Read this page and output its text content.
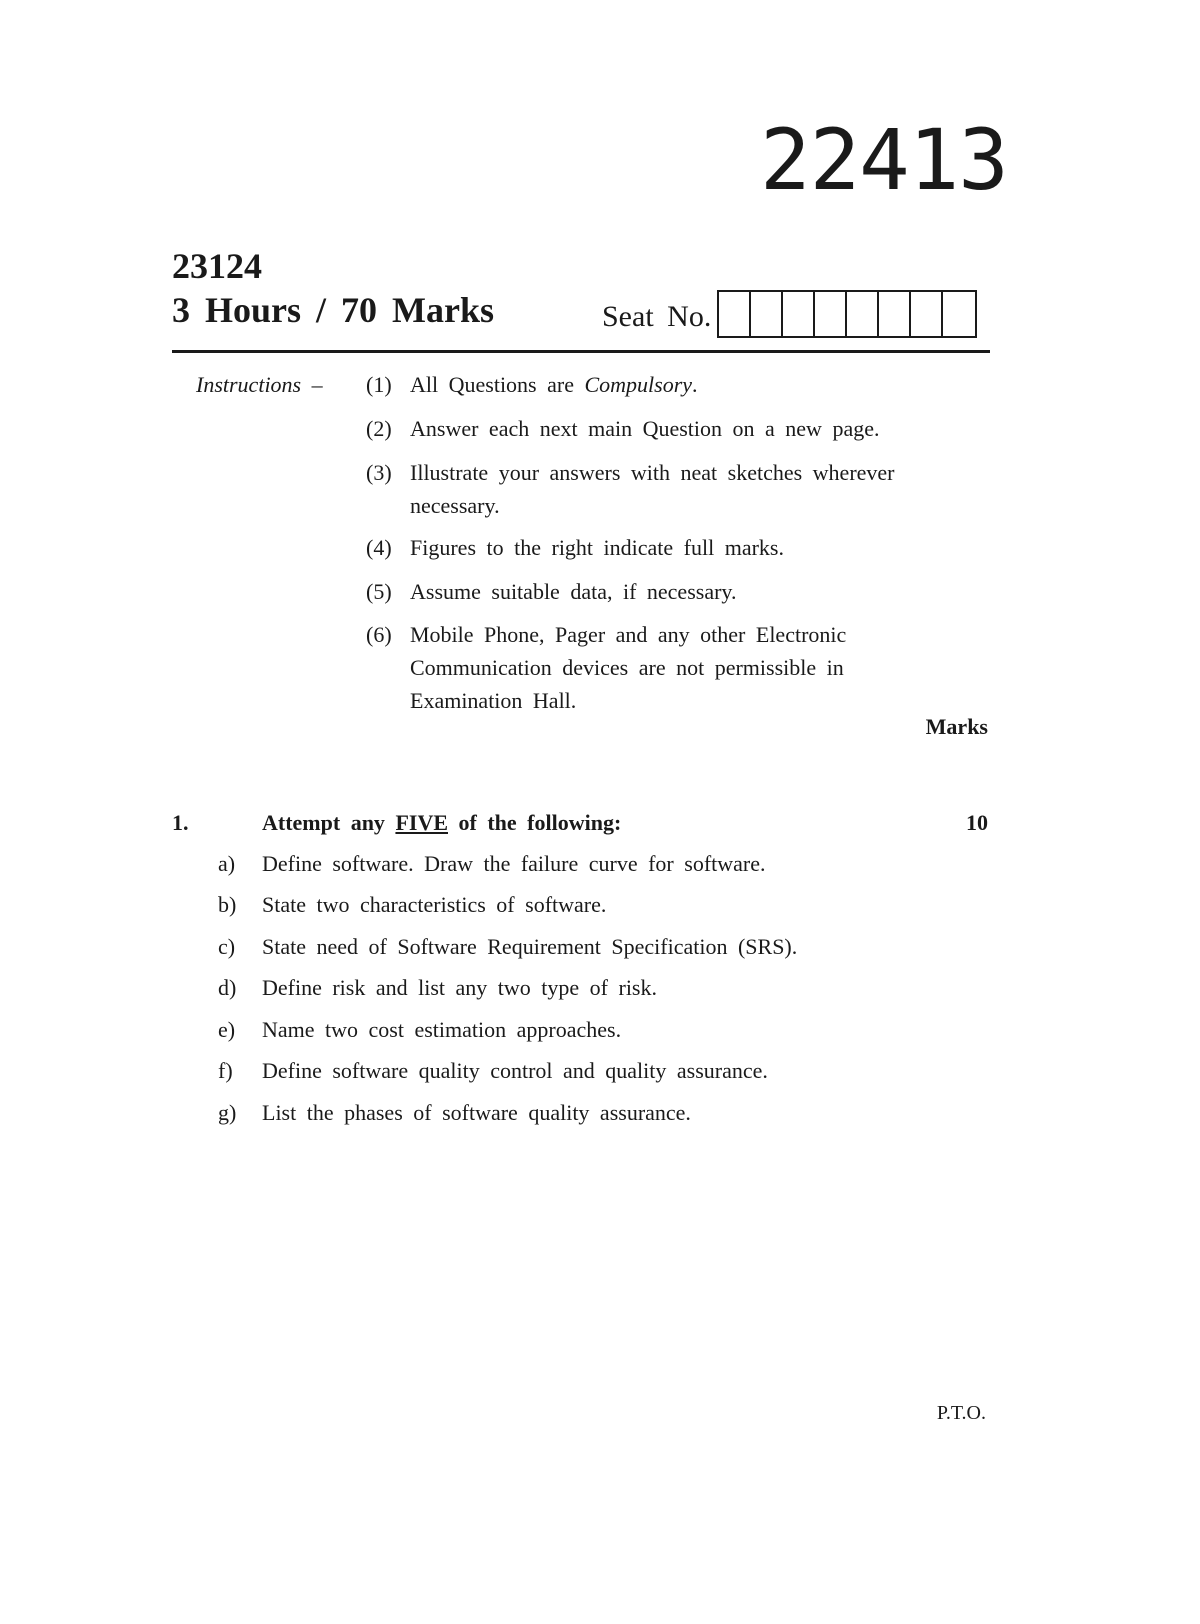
22413
23124
3 Hours / 70 Marks	Seat No.
Instructions – (1) All Questions are Compulsory.
(2) Answer each next main Question on a new page.
(3) Illustrate your answers with neat sketches wherever necessary.
(4) Figures to the right indicate full marks.
(5) Assume suitable data, if necessary.
(6) Mobile Phone, Pager and any other Electronic Communication devices are not permissible in Examination Hall.
Marks
1.	Attempt any FIVE of the following:	10
a) Define software. Draw the failure curve for software.
b) State two characteristics of software.
c) State need of Software Requirement Specification (SRS).
d) Define risk and list any two type of risk.
e) Name two cost estimation approaches.
f) Define software quality control and quality assurance.
g) List the phases of software quality assurance.
P.T.O.
